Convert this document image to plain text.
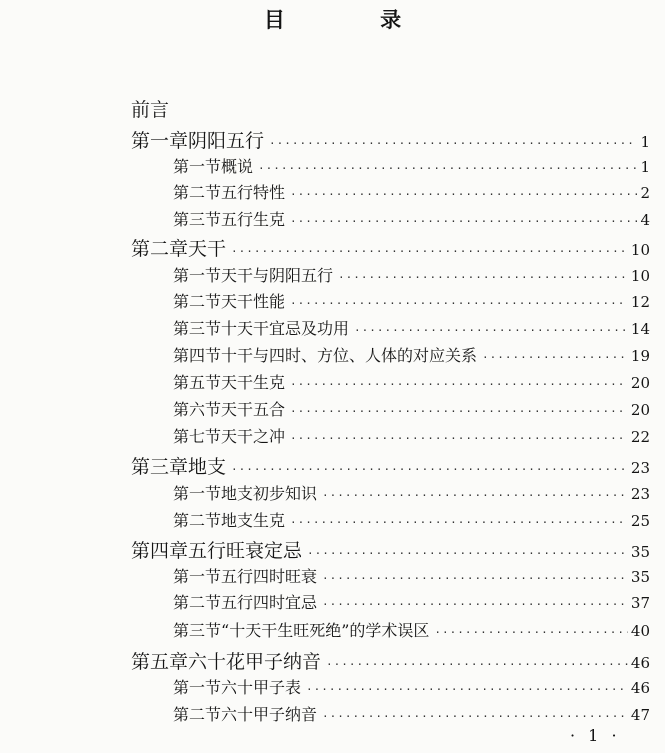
目 录
前言
第一章 阴阳五行 ·····	1
第一节 概说 ·····	1
第二节 五行特性 ·····	2
第三节 五行生克 ·····	4
第二章 天干 ·····	10
第一节 天干与阴阳五行 ·····	10
第二节 天干性能 ·····	12
第三节 十天干宜忌及功用 ·····	14
第四节 十干与四时、方位、人体的对应关系 ·····	19
第五节 天干生克 ·····	20
第六节 天干五合 ·····	20
第七节 天干之冲 ·····	22
第三章 地支 ·····	23
第一节 地支初步知识 ·····	23
第二节 地支生克 ·····	25
第四章 五行旺衰定忌 ·····	35
第一节 五行四时旺衰 ·····	35
第二节 五行四时宜忌 ·····	37
第三节 “十天干生旺死绝”的学术误区 ·····	40
第五章 六十花甲子纳音 ·····	46
第一节 六十甲子表 ·····	46
第二节 六十甲子纳音 ·····	47
· 1 ·
